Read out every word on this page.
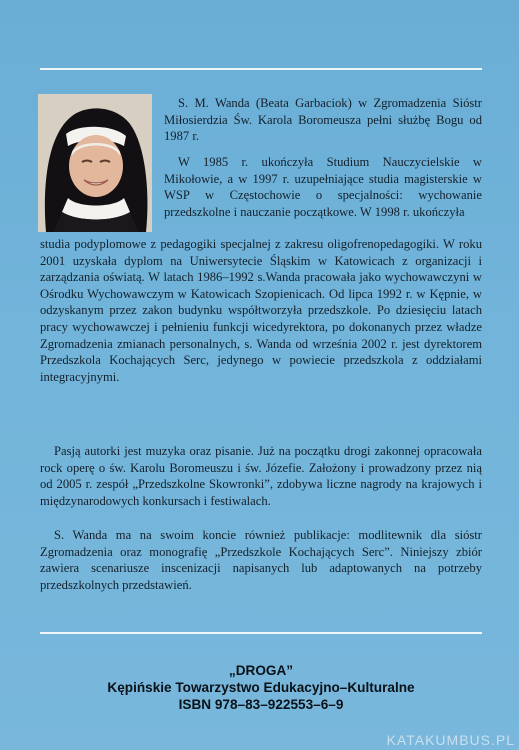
S. M. Wanda (Beata Garbaciok) w Zgromadzenia Sióstr Miłosierdzia Św. Karola Boromeusza pełni służbę Bogu od 1987 r.

W 1985 r. ukończyła Studium Nauczycielskie w Mikołowie, a w 1997 r. uzupełniające studia magisterskie w WSP w Częstochowie o specjalności: wychowanie przedszkolne i nauczanie początkowe. W 1998 r. ukończyła

studia podyplomowe z pedagogiki specjalnej z zakresu oligofrenopedagogiki. W roku 2001 uzyskała dyplom na Uniwersytecie Śląskim w Katowicach z organizacji i zarządzania oświatą. W latach 1986–1992 s.Wanda pracowała jako wychowawczyni w Ośrodku Wychowawczym w Katowicach Szopienicach. Od lipca 1992 r. w Kępnie, w odzyskanym przez zakon budynku współtworzyła przedszkole. Po dziesięciu latach pracy wychowawczej i pełnieniu funkcji wicedyrektora, po dokonanych przez władze Zgromadzenia zmianach personalnych, s. Wanda od września 2002 r. jest dyrektorem Przedszkola Kochających Serc, jedynego w powiecie przedszkola z oddziałami integracyjnymi.

Pasją autorki jest muzyka oraz pisanie. Już na początku drogi zakonnej opracowała rock operę o św. Karolu Boromeuszu i św. Józefie. Założony i prowadzony przez nią od 2005 r. zespół „Przedszkolne Skowronki”, zdobywa liczne nagrody na krajowych i międzynarodowych konkursach i festiwalach.

S. Wanda ma na swoim koncie również publikacje: modlitewnik dla sióstr Zgromadzenia oraz monografię „Przedszkole Kochających Serc”. Niniejszy zbiór zawiera scenariusze inscenizacji napisanych lub adaptowanych na potrzeby przedszkolnych przedstawień.

„DROGA”
Kępińskie Towarzystwo Edukacyjno–Kulturalne
ISBN 978–83–922553–6–9
KATAKUMBUS.PL
